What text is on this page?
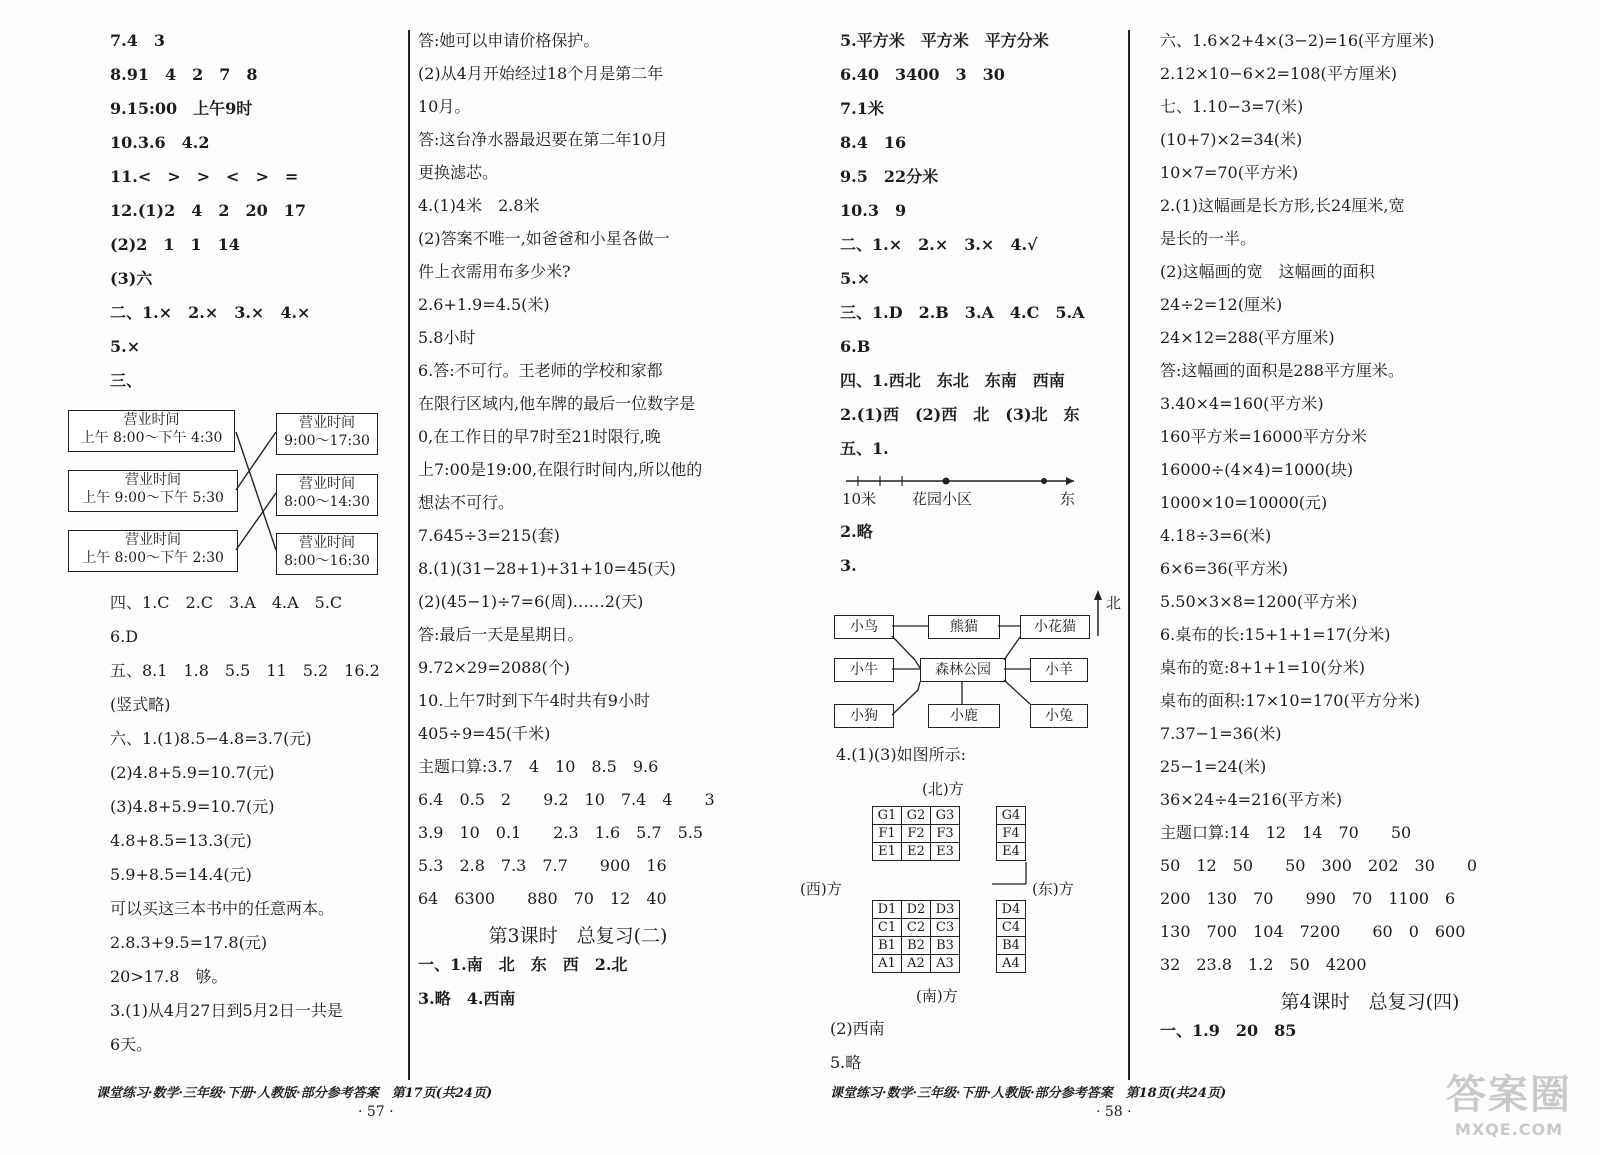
7.4　3
8.91　4　2　7　8
9.15:00　上午9时
10.3.6　4.2
11.<　>　>　<　>　=
12.(1)2　4　2　20　17
(2)2　1　1　14
(3)六
二、1.×　2.×　3.×　4.×
5.×
三、
营业时间
上午 8:00～下午 4:30
营业时间
上午 9:00～下午 5:30
营业时间
上午 8:00～下午 2:30
营业时间
9:00～17:30
营业时间
8:00～14:30
营业时间
8:00～16:30
四、1.C　2.C　3.A　4.A　5.C
6.D
五、8.1　1.8　5.5　11　5.2　16.2
(竖式略)
六、1.(1)8.5−4.8=3.7(元)
(2)4.8+5.9=10.7(元)
(3)4.8+5.9=10.7(元)
4.8+8.5=13.3(元)
5.9+8.5=14.4(元)
可以买这三本书中的任意两本。
2.8.3+9.5=17.8(元)
20>17.8　够。
3.(1)从4月27日到5月2日一共是
6天。
答:她可以申请价格保护。
(2)从4月开始经过18个月是第二年
10月。
答:这台净水器最迟要在第二年10月
更换滤芯。
4.(1)4米　2.8米
(2)答案不唯一,如爸爸和小星各做一
件上衣需用布多少米?
2.6+1.9=4.5(米)
5.8小时
6.答:不可行。王老师的学校和家都
在限行区域内,他车牌的最后一位数字是
0,在工作日的早7时至21时限行,晚
上7:00是19:00,在限行时间内,所以他的
想法不可行。
7.645÷3=215(套)
8.(1)(31−28+1)+31+10=45(天)
(2)(45−1)÷7=6(周)……2(天)
答:最后一天是星期日。
9.72×29=2088(个)
10.上午7时到下午4时共有9小时
405÷9=45(千米)
主题口算:3.7　4　10　8.5　9.6
6.4　0.5　2　　9.2　10　7.4　4　　3
3.9　10　0.1　　2.3　1.6　5.7　5.5
5.3　2.8　7.3　7.7　　900　16
64　6300　　880　70　12　40
第3课时　总复习(二)
一、1.南　北　东　西　2.北
3.略　4.西南
5.平方米　平方米　平方分米
6.40　3400　3　30
7.1米
8.4　16
9.5　22分米
10.3　9
二、1.×　2.×　3.×　4.√
5.×
三、1.D　2.B　3.A　4.C　5.A
6.B
四、1.西北　东北　东南　西南
2.(1)西　(2)西　北　(3)北　东
五、1.
10米 花园小区	东
2.略
3.
北
小鸟	熊猫	小花猫
小牛	森林公园	小羊
小狗	小鹿	小兔
4.(1)(3)如图所示:
(北)方
G1	G2	G3
F1	F2	F3
E1	E2	E3
G4
F4
E4
(西)方	(东)方
D1	D2	D3
C1	C2	C3
B1	B2	B3
A1	A2	A3
D4
C4
B4
A4
(南)方
(2)西南
5.略
六、1.6×2+4×(3−2)=16(平方厘米)
2.12×10−6×2=108(平方厘米)
七、1.10−3=7(米)
(10+7)×2=34(米)
10×7=70(平方米)
2.(1)这幅画是长方形,长24厘米,宽
是长的一半。
(2)这幅画的宽　这幅画的面积
24÷2=12(厘米)
24×12=288(平方厘米)
答:这幅画的面积是288平方厘米。
3.40×4=160(平方米)
160平方米=16000平方分米
16000÷(4×4)=1000(块)
1000×10=10000(元)
4.18÷3=6(米)
6×6=36(平方米)
5.50×3×8=1200(平方米)
6.桌布的长:15+1+1=17(分米)
桌布的宽:8+1+1=10(分米)
桌布的面积:17×10=170(平方分米)
7.37−1=36(米)
25−1=24(米)
36×24÷4=216(平方米)
主题口算:14　12　14　70　　50
50　12　50　　50　300　202　30　　0
200　130　70　　990　70　1100　6
130　700　104　7200　　60　0　600
32　23.8　1.2　50　4200
第4课时　总复习(四)
一、1.9　20　85
课堂练习·数学·三年级·下册·人教版·部分参考答案　第17页(共24页)
· 57 ·
课堂练习·数学·三年级·下册·人教版·部分参考答案　第18页(共24页)
· 58 ·	答案圈
MXQE.COM
